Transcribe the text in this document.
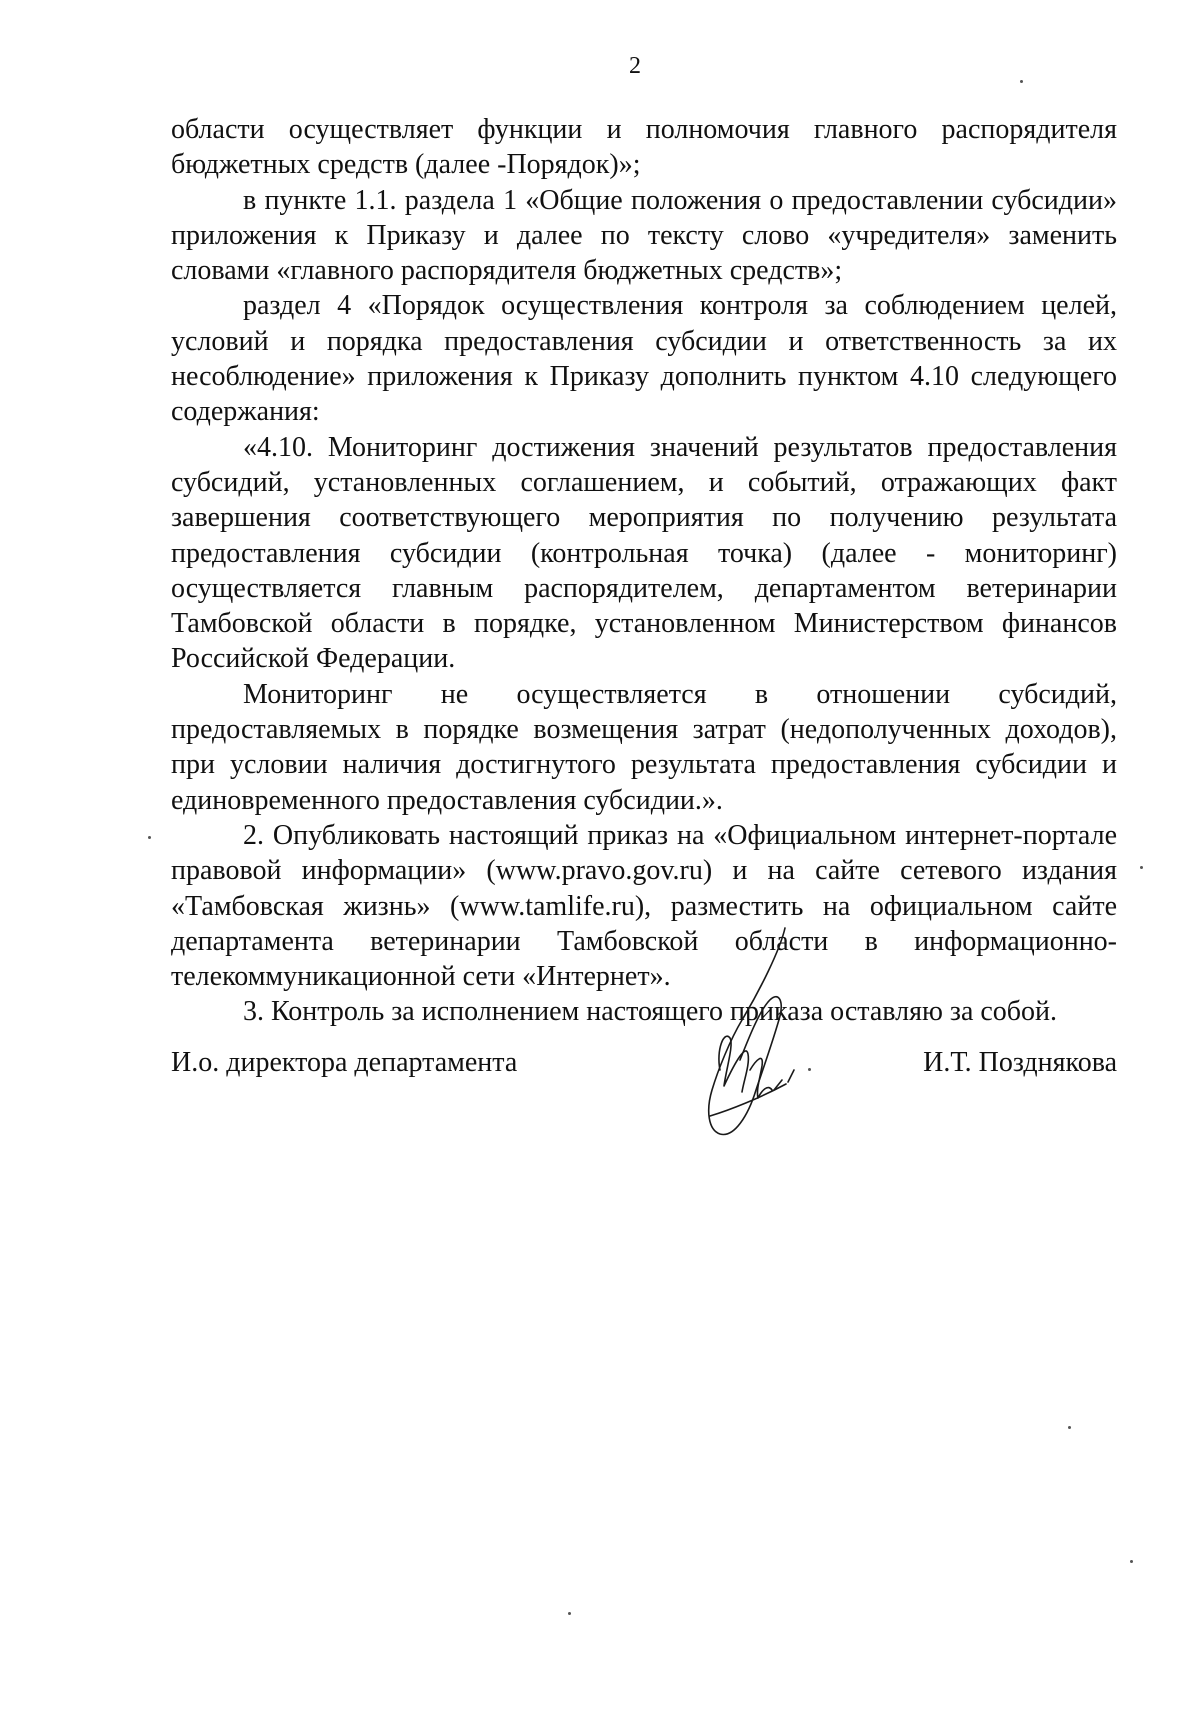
2

области осуществляет функции и полномочия главного распорядителя бюджетных средств (далее -Порядок)»;

в пункте 1.1. раздела 1 «Общие положения о предоставлении субсидии» приложения к Приказу и далее по тексту слово «учредителя» заменить словами «главного распорядителя бюджетных средств»;

раздел 4 «Порядок осуществления контроля за соблюдением целей, условий и порядка предоставления субсидии и ответственность за их несоблюдение» приложения к Приказу дополнить пунктом 4.10 следующего содержания:

«4.10. Мониторинг достижения значений результатов предоставления субсидий, установленных соглашением, и событий, отражающих факт завершения соответствующего мероприятия по получению результата предоставления субсидии (контрольная точка) (далее - мониторинг) осуществляется главным распорядителем, департаментом ветеринарии Тамбовской области в порядке, установленном Министерством финансов Российской Федерации.

Мониторинг не осуществляется в отношении субсидий, предоставляемых в порядке возмещения затрат (недополученных доходов), при условии наличия достигнутого результата предоставления субсидии и единовременного предоставления субсидии.».

2. Опубликовать настоящий приказ на «Официальном интернет-портале правовой информации» (www.pravo.gov.ru) и на сайте сетевого издания «Тамбовская жизнь» (www.tamlife.ru), разместить на официальном сайте департамента ветеринарии Тамбовской области в информационно-телекоммуникационной сети «Интернет».

3. Контроль за исполнением настоящего приказа оставляю за собой.

И.о. директора департамента	И.Т. Позднякова
